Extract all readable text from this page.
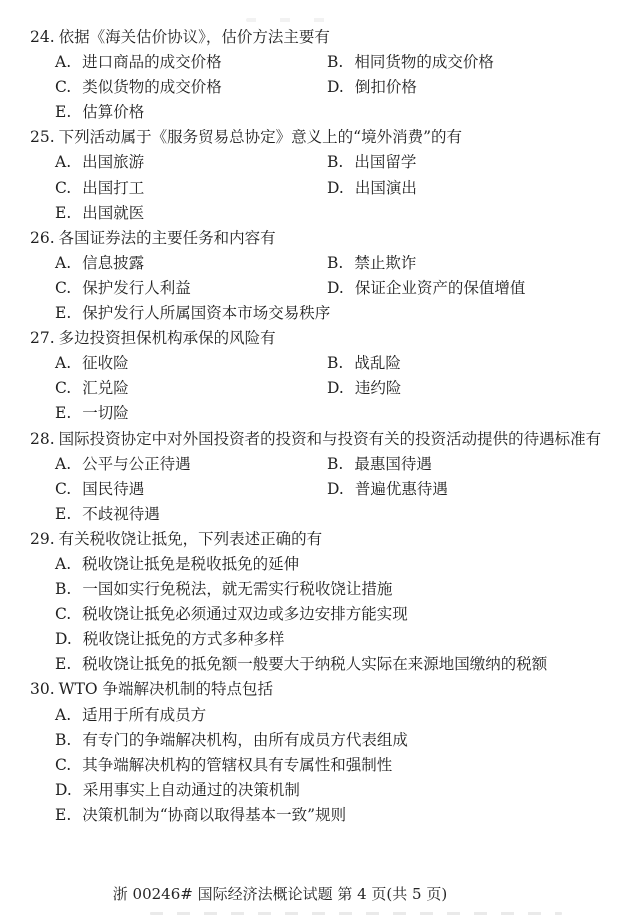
24. 依据《海关估价协议》，估价方法主要有
A. 进口商品的成交价格	B. 相同货物的成交价格
C. 类似货物的成交价格	D. 倒扣价格
E. 估算价格
25. 下列活动属于《服务贸易总协定》意义上的“境外消费”的有
A. 出国旅游	B. 出国留学
C. 出国打工	D. 出国演出
E. 出国就医
26. 各国证券法的主要任务和内容有
A. 信息披露	B. 禁止欺诈
C. 保护发行人利益	D. 保证企业资产的保值增值
E. 保护发行人所属国资本市场交易秩序
27. 多边投资担保机构承保的风险有
A. 征收险	B. 战乱险
C. 汇兑险	D. 违约险
E. 一切险
28. 国际投资协定中对外国投资者的投资和与投资有关的投资活动提供的待遇标准有
A. 公平与公正待遇	B. 最惠国待遇
C. 国民待遇	D. 普遍优惠待遇
E. 不歧视待遇
29. 有关税收饶让抵免，下列表述正确的有
A. 税收饶让抵免是税收抵免的延伸
B. 一国如实行免税法，就无需实行税收饶让措施
C. 税收饶让抵免必须通过双边或多边安排方能实现
D. 税收饶让抵免的方式多种多样
E. 税收饶让抵免的抵免额一般要大于纳税人实际在来源地国缴纳的税额
30. WTO 争端解决机制的特点包括
A. 适用于所有成员方
B. 有专门的争端解决机构，由所有成员方代表组成
C. 其争端解决机构的管辖权具有专属性和强制性
D. 采用事实上自动通过的决策机制
E. 决策机制为“协商以取得基本一致”规则
浙 00246# 国际经济法概论试题 第 4 页(共 5 页)
